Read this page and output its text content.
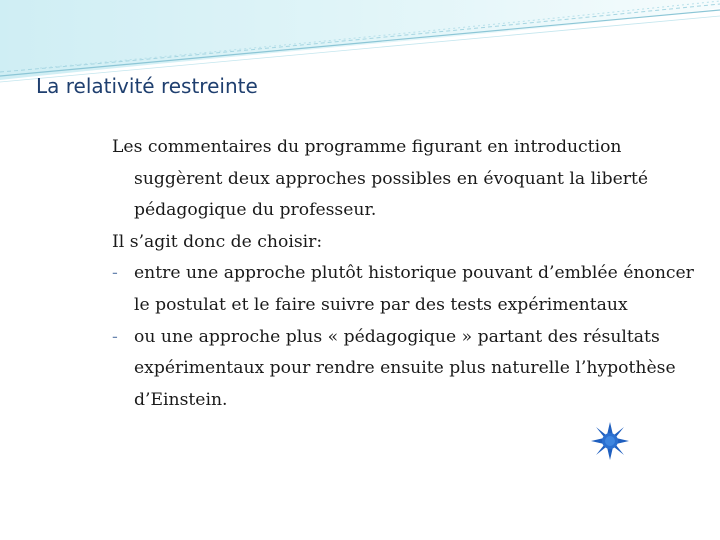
La relativité restreinte

Les commentaires du programme figurant en introduction suggèrent deux approches possibles en évoquant la liberté pédagogique du professeur.

Il s’agit donc de choisir:

- entre une approche plutôt historique pouvant d’emblée énoncer le postulat et le faire suivre par des tests expérimentaux
- ou une approche plus « pédagogique » partant des résultats expérimentaux pour rendre ensuite plus naturelle l’hypothèse d’Einstein.
